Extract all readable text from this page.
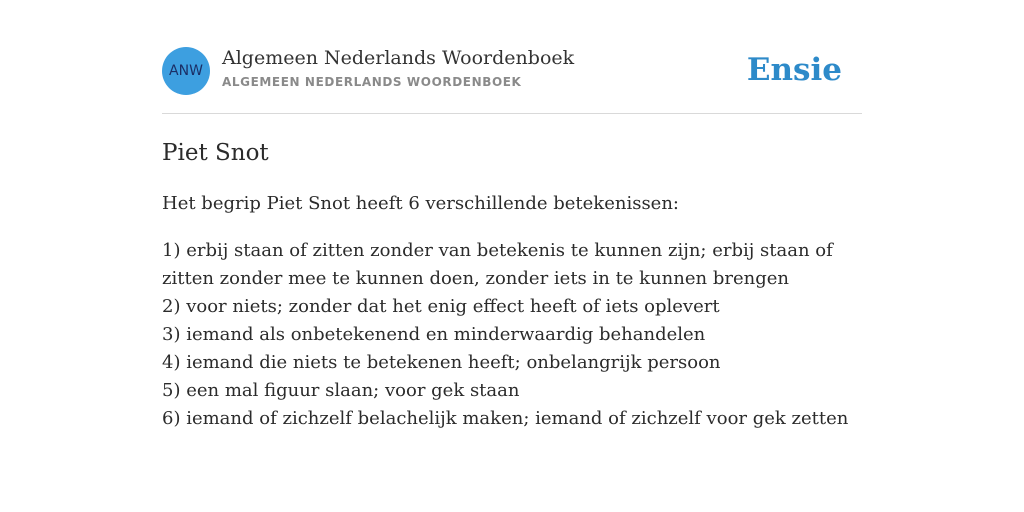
ANW
Algemeen Nederlands Woordenboek
ALGEMEEN NEDERLANDS WOORDENBOEK	Ensie
Piet Snot
Het begrip Piet Snot heeft 6 verschillende betekenissen:
1) erbij staan of zitten zonder van betekenis te kunnen zijn; erbij staan of zitten zonder mee te kunnen doen, zonder iets in te kunnen brengen
2) voor niets; zonder dat het enig effect heeft of iets oplevert
3) iemand als onbetekenend en minderwaardig behandelen
4) iemand die niets te betekenen heeft; onbelangrijk persoon
5) een mal figuur slaan; voor gek staan
6) iemand of zichzelf belachelijk maken; iemand of zichzelf voor gek zetten
